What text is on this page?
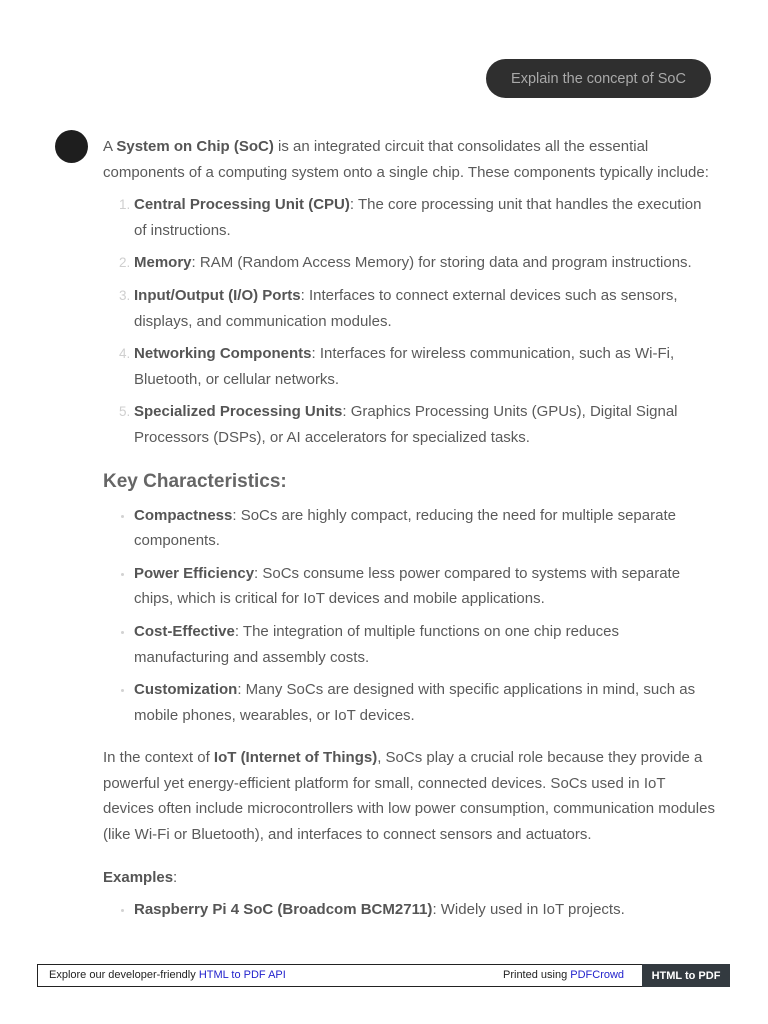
Explain the concept of SoC

A System on Chip (SoC) is an integrated circuit that consolidates all the essential components of a computing system onto a single chip. These components typically include:

1. Central Processing Unit (CPU): The core processing unit that handles the execution of instructions.
2. Memory: RAM (Random Access Memory) for storing data and program instructions.
3. Input/Output (I/O) Ports: Interfaces to connect external devices such as sensors, displays, and communication modules.
4. Networking Components: Interfaces for wireless communication, such as Wi-Fi, Bluetooth, or cellular networks.
5. Specialized Processing Units: Graphics Processing Units (GPUs), Digital Signal Processors (DSPs), or AI accelerators for specialized tasks.
Key Characteristics:
• Compactness: SoCs are highly compact, reducing the need for multiple separate components.
• Power Efficiency: SoCs consume less power compared to systems with separate chips, which is critical for IoT devices and mobile applications.
• Cost-Effective: The integration of multiple functions on one chip reduces manufacturing and assembly costs.
• Customization: Many SoCs are designed with specific applications in mind, such as mobile phones, wearables, or IoT devices.

In the context of IoT (Internet of Things), SoCs play a crucial role because they provide a powerful yet energy-efficient platform for small, connected devices. SoCs used in IoT devices often include microcontrollers with low power consumption, communication modules (like Wi-Fi or Bluetooth), and interfaces to connect sensors and actuators.

Examples:

• Raspberry Pi 4 SoC (Broadcom BCM2711): Widely used in IoT projects.
Explore our developer-friendly HTML to PDF API	Printed using PDFCrowd	HTML to PDF
